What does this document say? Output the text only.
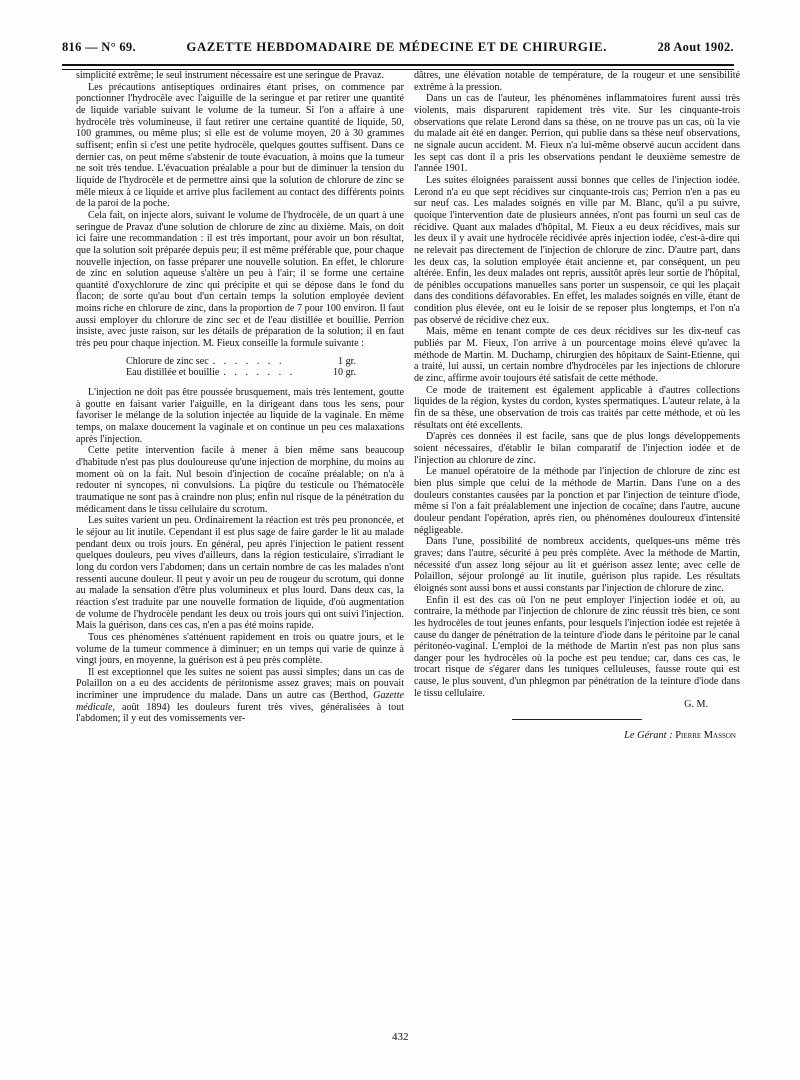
816 — N° 69.	GAZETTE HEBDOMADAIRE DE MÉDECINE ET DE CHIRURGIE.	28 Aout 1902.

simplicité extrême; le seul instrument nécessaire est une seringue de Pravaz.

Les précautions antiseptiques ordinaires étant prises, on commence par ponctionner l'hydrocèle avec l'aiguille de la seringue et par retirer une quantité de liquide variable suivant le volume de la tumeur. Si l'on a affaire à une hydrocèle très volumineuse, il faut retirer une certaine quantité de liquide, 50, 100 grammes, ou même plus; si elle est de volume moyen, 20 à 30 grammes suffisent; enfin si c'est une petite hydrocèle, quelques gouttes suffisent. Dans ce dernier cas, on peut même s'abstenir de toute évacuation, à moins que la tumeur ne soit très tendue. L'évacuation préalable a pour but de diminuer la tension du liquide de l'hydrocèle et de permettre ainsi que la solution de chlorure de zinc se mêle mieux à ce liquide et arrive plus facilement au contact des différents points de la paroi de la poche.

Cela fait, on injecte alors, suivant le volume de l'hydrocèle, de un quart à une seringue de Pravaz d'une solution de chlorure de zinc au dixième. Mais, on doit ici faire une recommandation : il est très important, pour avoir un bon résultat, que la solution soit préparée depuis peu; il est même préférable que, pour chaque nouvelle injection, on fasse préparer une nouvelle solution. En effet, le chlorure de zinc en solution aqueuse s'altère un peu à l'air; il se forme une certaine quantité d'oxychlorure de zinc qui précipite et qui se dépose dans le fond du flacon; de sorte qu'au bout d'un certain temps la solution employée devient moins riche en chlorure de zinc, dans la proportion de 7 pour 100 environ. Il faut aussi employer du chlorure de zinc sec et de l'eau distillée et bouillie. Perrion insiste, avec juste raison, sur les détails de préparation de la solution; il en faut très peu pour chaque injection. M. Fieux conseille la formule suivante :

Chlorure de zinc sec . . . . . . .	1 gr.
Eau distillée et bouillie . . . . . . .	10 gr.

L'injection ne doit pas être poussée brusquement, mais très lentement, goutte à goutte en faisant varier l'aiguille, en la dirigeant dans tous les sens, pour favoriser le mélange de la solution injectée au liquide de la vaginale. En même temps, on malaxe doucement la vaginale et on continue un peu ces malaxations après l'injection.

Cette petite intervention facile à mener à bien même sans beaucoup d'habitude n'est pas plus douloureuse qu'une injection de morphine, du moins au moment où on la fait. Nul besoin d'injection de cocaïne préalable; on n'a à redouter ni syncopes, ni convulsions. La piqûre du testicule ou l'hématocèle traumatique ne sont pas à craindre non plus; enfin nul risque de la pénétration du médicament dans le tissu cellulaire du scrotum.

Les suites varient un peu. Ordinairement la réaction est très peu prononcée, et le séjour au lit inutile. Cependant il est plus sage de faire garder le lit au malade pendant deux ou trois jours. En général, peu après l'injection le patient ressent quelques douleurs, peu vives d'ailleurs, dans la région testiculaire, s'irradiant le long du cordon vers l'abdomen; dans un certain nombre de cas les malades n'ont ressenti aucune douleur. Il peut y avoir un peu de rougeur du scrotum, qui donne au malade la sensation d'être plus volumineux et plus lourd. Dans deux cas, la réaction s'est traduite par une nouvelle formation de liquide, d'où augmentation de volume de l'hydrocèle pendant les deux ou trois jours qui ont suivi l'injection. Mais la guérison, dans ces cas, n'en a pas été moins rapide.

Tous ces phénomènes s'atténuent rapidement en trois ou quatre jours, et le volume de la tumeur commence à diminuer; en un temps qui varie de quinze à vingt jours, en moyenne, la guérison est à peu près complète.

Il est exceptionnel que les suites ne soient pas aussi simples; dans un cas de Polaillon on a eu des accidents de péritonisme assez graves; mais on pouvait incriminer une imprudence du malade. Dans un autre cas (Berthod, Gazette médicale, août 1894) les douleurs furent très vives, généralisées à tout l'abdomen; il y eut des vomissements ver-

dâtres, une élévation notable de température, de la rougeur et une sensibilité extrême à la pression.

Dans un cas de l'auteur, les phénomènes inflammatoires furent aussi très violents, mais disparurent rapidement très vite. Sur les cinquante-trois observations que relate Lerond dans sa thèse, on ne trouve pas un cas, où la vie du malade ait été en danger. Perrion, qui publie dans sa thèse neuf observations, ne signale aucun accident. M. Fieux n'a lui-même observé aucun accident dans les sept cas dont il a pris les observations pendant le deuxième semestre de l'année 1901.

Les suites éloignées paraissent aussi bonnes que celles de l'injection iodée. Lerond n'a eu que sept récidives sur cinquante-trois cas; Perrion n'en a pas eu sur neuf cas. Les malades soignés en ville par M. Blanc, qu'il a pu suivre, quoique l'intervention date de plusieurs années, n'ont pas fourni un seul cas de récidive. Quant aux malades d'hôpital, M. Fieux a eu deux récidives, mais sur les deux il y avait une hydrocèle récidivée après injection iodée, c'est-à-dire qui ne relevait pas directement de l'injection de chlorure de zinc. D'autre part, dans les deux cas, la solution employée était ancienne et, par conséquent, un peu altérée. Enfin, les deux malades ont repris, aussitôt après leur sortie de l'hôpital, de pénibles occupations manuelles sans porter un suspensoir, ce qui les plaçait dans des conditions défavorables. En effet, les malades soignés en ville, étant de condition plus élevée, ont eu le loisir de se reposer plus longtemps, et l'on n'a pas observé de récidive chez eux.

Mais, même en tenant compte de ces deux récidives sur les dix-neuf cas publiés par M. Fieux, l'on arrive à un pourcentage moins élevé qu'avec la méthode de Martin. M. Duchamp, chirurgien des hôpitaux de Saint-Etienne, qui a traité, lui aussi, un certain nombre d'hydrocèles par les injections de chlorure de zinc, affirme avoir toujours été satisfait de cette méthode.

Ce mode de traitement est également applicable à d'autres collections liquides de la région, kystes du cordon, kystes spermatiques. L'auteur relate, à la fin de sa thèse, une observation de trois cas traités par cette méthode, et où les résultats ont été excellents.

D'après ces données il est facile, sans que de plus longs développements soient nécessaires, d'établir le bilan comparatif de l'injection iodée et de l'injection au chlorure de zinc.

Le manuel opératoire de la méthode par l'injection de chlorure de zinc est bien plus simple que celui de la méthode de Martin. Dans l'une on a des douleurs constantes causées par la ponction et par l'injection de teinture d'iode, même si l'on a fait préalablement une injection de cocaïne; dans l'autre, aucune douleur pendant l'opération, après rien, ou phénomènes douloureux d'intensité négligeable.

Dans l'une, possibilité de nombreux accidents, quelques-uns même très graves; dans l'autre, sécurité à peu près complète. Avec la méthode de Martin, nécessité d'un assez long séjour au lit et guérison assez lente; avec celle de Polaillon, séjour prolongé au lit inutile, guérison plus rapide. Les résultats éloignés sont aussi bons et aussi constants par l'injection de chlorure de zinc.

Enfin il est des cas où l'on ne peut employer l'injection iodée et où, au contraire, la méthode par l'injection de chlorure de zinc réussit très bien, ce sont les hydrocèles de tout jeunes enfants, pour lesquels l'injection iodée est rejetée à cause du danger de pénétration de la teinture d'iode dans le péritoine par le canal péritonéo-vaginal. L'emploi de la méthode de Martin n'est pas non plus sans danger pour les hydrocèles où la poche est peu tendue; car, dans ces cas, le trocart risque de s'égarer dans les tuniques celluleuses, fausse route qui est cause, le plus souvent, d'un phlegmon par pénétration de la teinture d'iode dans le tissu cellulaire.

G. M.
Le Gérant : Pierre Masson
432
